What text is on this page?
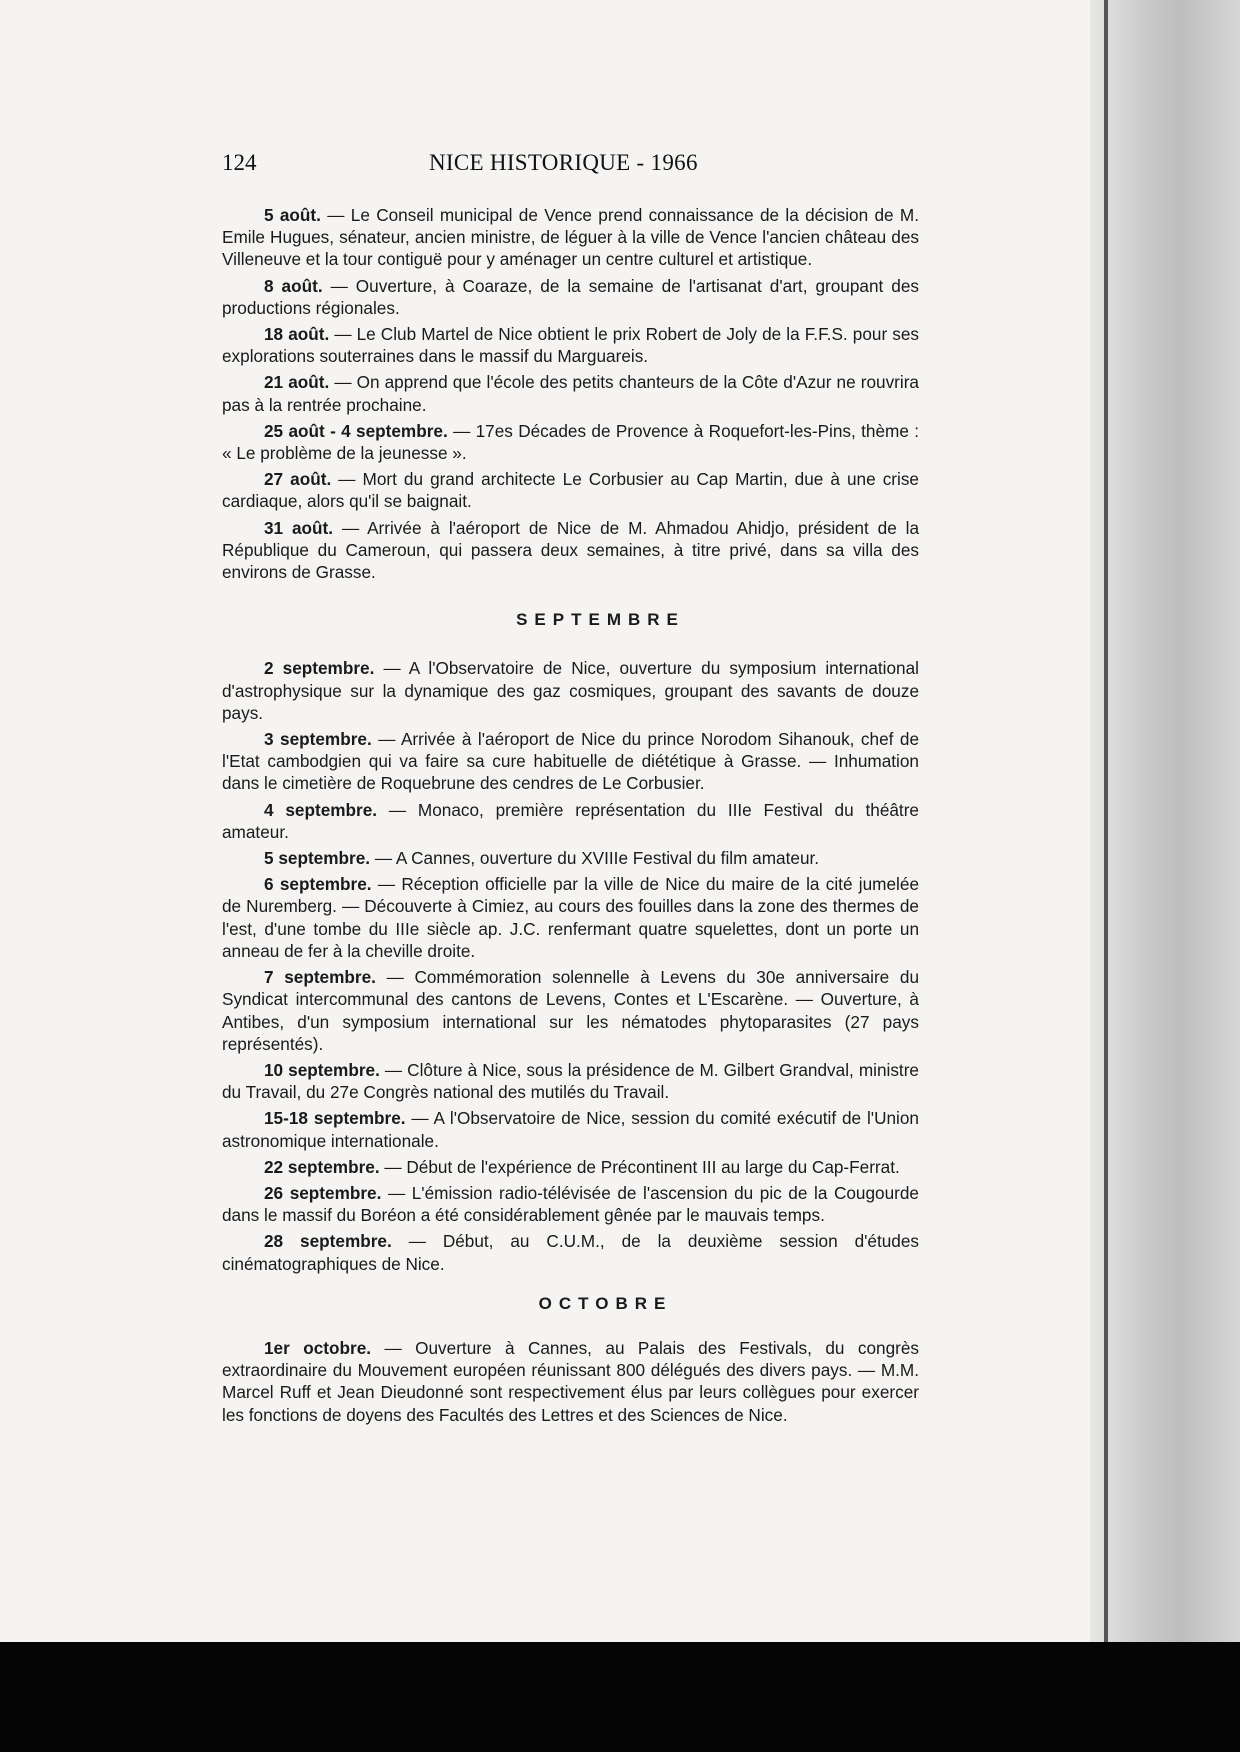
124	NICE HISTORIQUE - 1966

5 août. — Le Conseil municipal de Vence prend connaissance de la décision de M. Emile Hugues, sénateur, ancien ministre, de léguer à la ville de Vence l'ancien château des Villeneuve et la tour contiguë pour y aménager un centre culturel et artistique.

8 août. — Ouverture, à Coaraze, de la semaine de l'artisanat d'art, groupant des productions régionales.

18 août. — Le Club Martel de Nice obtient le prix Robert de Joly de la F.F.S. pour ses explorations souterraines dans le massif du Marguareis.

21 août. — On apprend que l'école des petits chanteurs de la Côte d'Azur ne rouvrira pas à la rentrée prochaine.

25 août - 4 septembre. — 17es Décades de Provence à Roquefort-les-Pins, thème : « Le problème de la jeunesse ».

27 août. — Mort du grand architecte Le Corbusier au Cap Martin, due à une crise cardiaque, alors qu'il se baignait.

31 août. — Arrivée à l'aéroport de Nice de M. Ahmadou Ahidjo, président de la République du Cameroun, qui passera deux semaines, à titre privé, dans sa villa des environs de Grasse.

SEPTEMBRE

2 septembre. — A l'Observatoire de Nice, ouverture du symposium international d'astrophysique sur la dynamique des gaz cosmiques, groupant des savants de douze pays.

3 septembre. — Arrivée à l'aéroport de Nice du prince Norodom Sihanouk, chef de l'Etat cambodgien qui va faire sa cure habituelle de diététique à Grasse. — Inhumation dans le cimetière de Roquebrune des cendres de Le Corbusier.

4 septembre. — Monaco, première représentation du IIIe Festival du théâtre amateur.

5 septembre. — A Cannes, ouverture du XVIIIe Festival du film amateur.

6 septembre. — Réception officielle par la ville de Nice du maire de la cité jumelée de Nuremberg. — Découverte à Cimiez, au cours des fouilles dans la zone des thermes de l'est, d'une tombe du IIIe siècle ap. J.C. renfermant quatre squelettes, dont un porte un anneau de fer à la cheville droite.

7 septembre. — Commémoration solennelle à Levens du 30e anniversaire du Syndicat intercommunal des cantons de Levens, Contes et L'Escarène. — Ouverture, à Antibes, d'un symposium international sur les nématodes phytoparasites (27 pays représentés).

10 septembre. — Clôture à Nice, sous la présidence de M. Gilbert Grandval, ministre du Travail, du 27e Congrès national des mutilés du Travail.

15-18 septembre. — A l'Observatoire de Nice, session du comité exécutif de l'Union astronomique internationale.

22 septembre. — Début de l'expérience de Précontinent III au large du Cap-Ferrat.

26 septembre. — L'émission radio-télévisée de l'ascension du pic de la Cougourde dans le massif du Boréon a été considérablement gênée par le mauvais temps.

28 septembre. — Début, au C.U.M., de la deuxième session d'études cinématographiques de Nice.

OCTOBRE

1er octobre. — Ouverture à Cannes, au Palais des Festivals, du congrès extraordinaire du Mouvement européen réunissant 800 délégués des divers pays. — M.M. Marcel Ruff et Jean Dieudonné sont respectivement élus par leurs collègues pour exercer les fonctions de doyens des Facultés des Lettres et des Sciences de Nice.
